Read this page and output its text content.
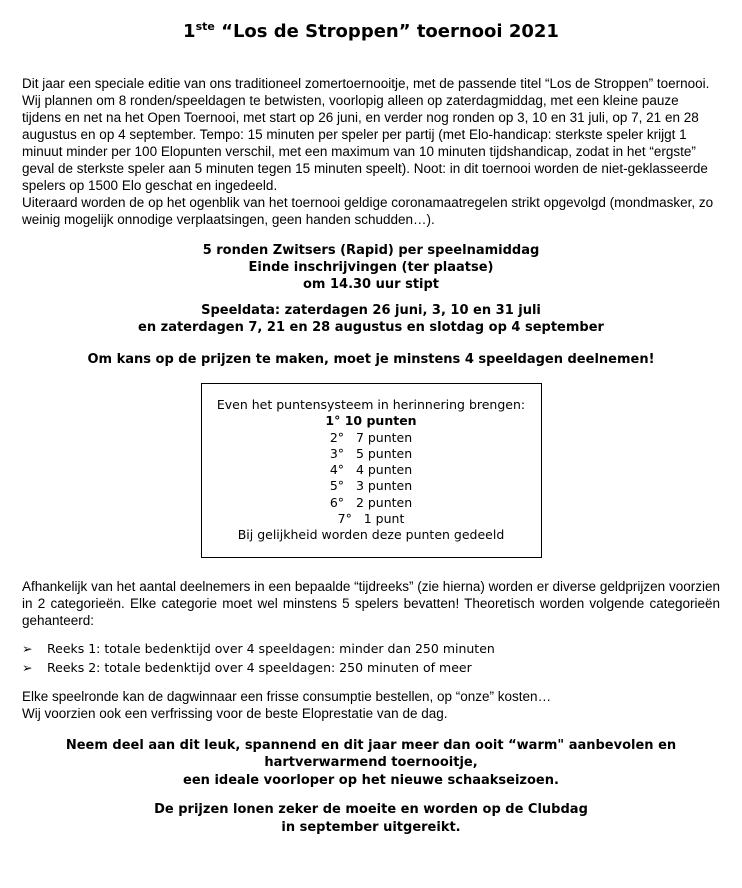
1ste “Los de Stroppen” toernooi 2021

Dit jaar een speciale editie van ons traditioneel zomertoernooitje, met de passende titel “Los de Stroppen” toernooi. Wij plannen om 8 ronden/speeldagen te betwisten, voorlopig alleen op zaterdagmiddag, met een kleine pauze tijdens en net na het Open Toernooi, met start op 26 juni, en verder nog ronden op 3, 10 en 31 juli, op 7, 21 en 28 augustus en op 4 september. Tempo: 15 minuten per speler per partij (met Elo-handicap: sterkste speler krijgt 1 minuut minder per 100 Elopunten verschil, met een maximum van 10 minuten tijdshandicap, zodat in het “ergste” geval de sterkste speler aan 5 minuten tegen 15 minuten speelt). Noot: in dit toernooi worden de niet-geklasseerde spelers op 1500 Elo geschat en ingedeeld.

Uiteraard worden de op het ogenblik van het toernooi geldige coronamaatregelen strikt opgevolgd (mondmasker, zo weinig mogelijk onnodige verplaatsingen, geen handen schudden…).

5 ronden Zwitsers (Rapid) per speelnamiddag
Einde inschrijvingen (ter plaatse)
om 14.30 uur stipt
Speeldata: zaterdagen 26 juni, 3, 10 en 31 juli
en zaterdagen 7, 21 en 28 augustus en slotdag op 4 september
Om kans op de prijzen te maken, moet je minstens 4 speeldagen deelnemen!
Even het puntensysteem in herinnering brengen:
1° 10 punten
2°   7 punten
3°   5 punten
4°   4 punten
5°   3 punten
6°   2 punten
7°   1 punt
Bij gelijkheid worden deze punten gedeeld

Afhankelijk van het aantal deelnemers in een bepaalde “tijdreeks” (zie hierna) worden er diverse geldprijzen voorzien in 2 categorieën. Elke categorie moet wel minstens 5 spelers bevatten! Theoretisch worden volgende categorieën gehanteerd:

➢	Reeks 1: totale bedenktijd over 4 speeldagen: minder dan 250 minuten
➢	Reeks 2: totale bedenktijd over 4 speeldagen: 250 minuten of meer
Elke speelronde kan de dagwinnaar een frisse consumptie bestellen, op “onze” kosten…
Wij voorzien ook een verfrissing voor de beste Eloprestatie van de dag.
Neem deel aan dit leuk, spannend en dit jaar meer dan ooit “warm" aanbevolen en hartverwarmend toernooitje,
een ideale voorloper op het nieuwe schaakseizoen.
De prijzen lonen zeker de moeite en worden op de Clubdag
in september uitgereikt.
